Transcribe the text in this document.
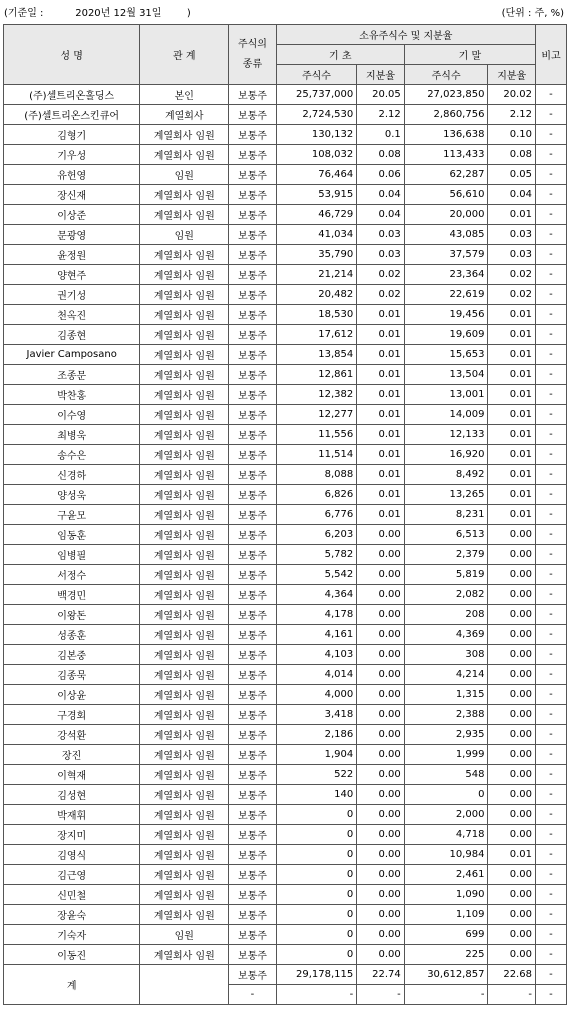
(기준일 :          2020년 12월 31일        )	(단위 : 주, %)
성 명	관 계	주식의
종류	소유주식수 및 지분율				비고
			기 초		기 말		
			주식수	지분율	주식수	지분율	
(주)셀트리온홀딩스	본인	보통주	25,737,000	20.05	27,023,850	20.02	-
(주)셀트리온스킨큐어	계열회사	보통주	2,724,530	2.12	2,860,756	2.12	-
김형기	계열회사 임원	보통주	130,132	0.1	136,638	0.10	-
기우성	계열회사 임원	보통주	108,032	0.08	113,433	0.08	-
유헌영	임원	보통주	76,464	0.06	62,287	0.05	-
장신재	계열회사 임원	보통주	53,915	0.04	56,610	0.04	-
이상준	계열회사 임원	보통주	46,729	0.04	20,000	0.01	-
문광영	임원	보통주	41,034	0.03	43,085	0.03	-
윤정원	계열회사 임원	보통주	35,790	0.03	37,579	0.03	-
양현주	계열회사 임원	보통주	21,214	0.02	23,364	0.02	-
권기성	계열회사 임원	보통주	20,482	0.02	22,619	0.02	-
천옥진	계열회사 임원	보통주	18,530	0.01	19,456	0.01	-
김종현	계열회사 임원	보통주	17,612	0.01	19,609	0.01	-
Javier Camposano	계열회사 임원	보통주	13,854	0.01	15,653	0.01	-
조종문	계열회사 임원	보통주	12,861	0.01	13,504	0.01	-
박찬홍	계열회사 임원	보통주	12,382	0.01	13,001	0.01	-
이수영	계열회사 임원	보통주	12,277	0.01	14,009	0.01	-
최병욱	계열회사 임원	보통주	11,556	0.01	12,133	0.01	-
송수은	계열회사 임원	보통주	11,514	0.01	16,920	0.01	-
신경하	계열회사 임원	보통주	8,088	0.01	8,492	0.01	-
양성욱	계열회사 임원	보통주	6,826	0.01	13,265	0.01	-
구윤모	계열회사 임원	보통주	6,776	0.01	8,231	0.01	-
임동훈	계열회사 임원	보통주	6,203	0.00	6,513	0.00	-
임병필	계열회사 임원	보통주	5,782	0.00	2,379	0.00	-
서정수	계열회사 임원	보통주	5,542	0.00	5,819	0.00	-
백경민	계열회사 임원	보통주	4,364	0.00	2,082	0.00	-
이왕돈	계열회사 임원	보통주	4,178	0.00	208	0.00	-
성종훈	계열회사 임원	보통주	4,161	0.00	4,369	0.00	-
김본중	계열회사 임원	보통주	4,103	0.00	308	0.00	-
김종묵	계열회사 임원	보통주	4,014	0.00	4,214	0.00	-
이상윤	계열회사 임원	보통주	4,000	0.00	1,315	0.00	-
구경회	계열회사 임원	보통주	3,418	0.00	2,388	0.00	-
강석환	계열회사 임원	보통주	2,186	0.00	2,935	0.00	-
장진	계열회사 임원	보통주	1,904	0.00	1,999	0.00	-
이혁재	계열회사 임원	보통주	522	0.00	548	0.00	-
김성현	계열회사 임원	보통주	140	0.00	0	0.00	-
박재휘	계열회사 임원	보통주	0	0.00	2,000	0.00	-
장지미	계열회사 임원	보통주	0	0.00	4,718	0.00	-
김영식	계열회사 임원	보통주	0	0.00	10,984	0.01	-
김근영	계열회사 임원	보통주	0	0.00	2,461	0.00	-
신민철	계열회사 임원	보통주	0	0.00	1,090	0.00	-
장윤숙	계열회사 임원	보통주	0	0.00	1,109	0.00	-
기숙자	임원	보통주	0	0.00	699	0.00	-
이동진	계열회사 임원	보통주	0	0.00	225	0.00	-
계		보통주	29,178,115	22.74	30,612,857	22.68	-
		-	-	-	-	-	-
